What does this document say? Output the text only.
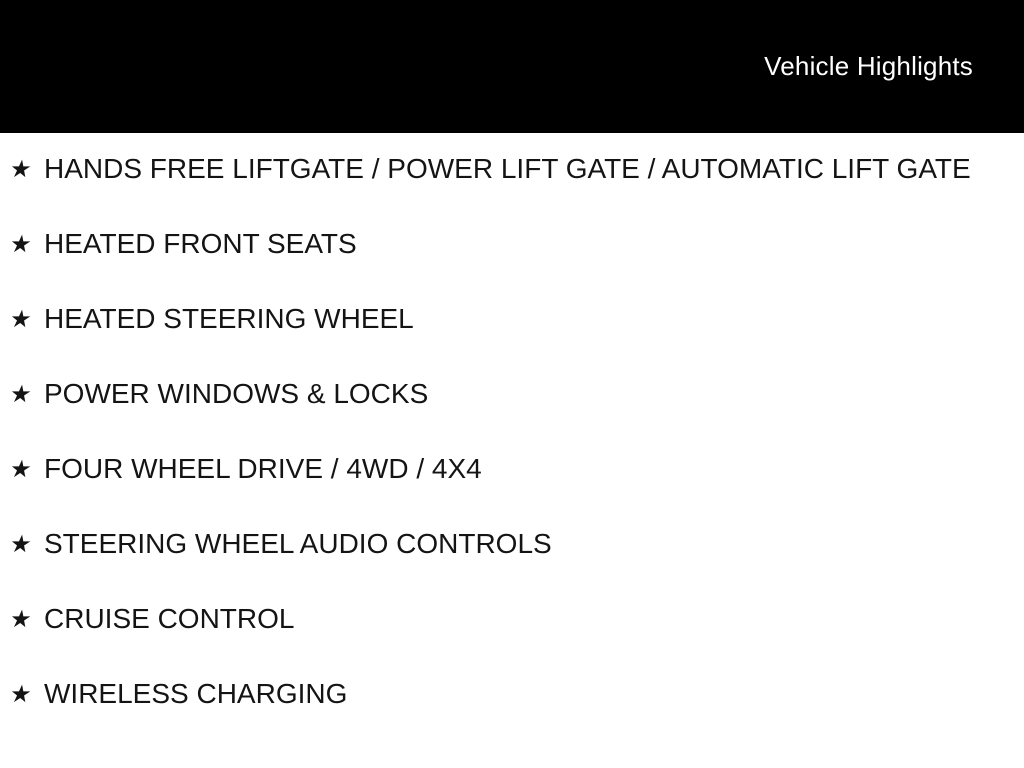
Vehicle Highlights
★ HANDS FREE LIFTGATE / POWER LIFT GATE / AUTOMATIC LIFT GATE
★ HEATED FRONT SEATS
★ HEATED STEERING WHEEL
★ POWER WINDOWS & LOCKS
★ FOUR WHEEL DRIVE / 4WD / 4X4
★ STEERING WHEEL AUDIO CONTROLS
★ CRUISE CONTROL
★ WIRELESS CHARGING
